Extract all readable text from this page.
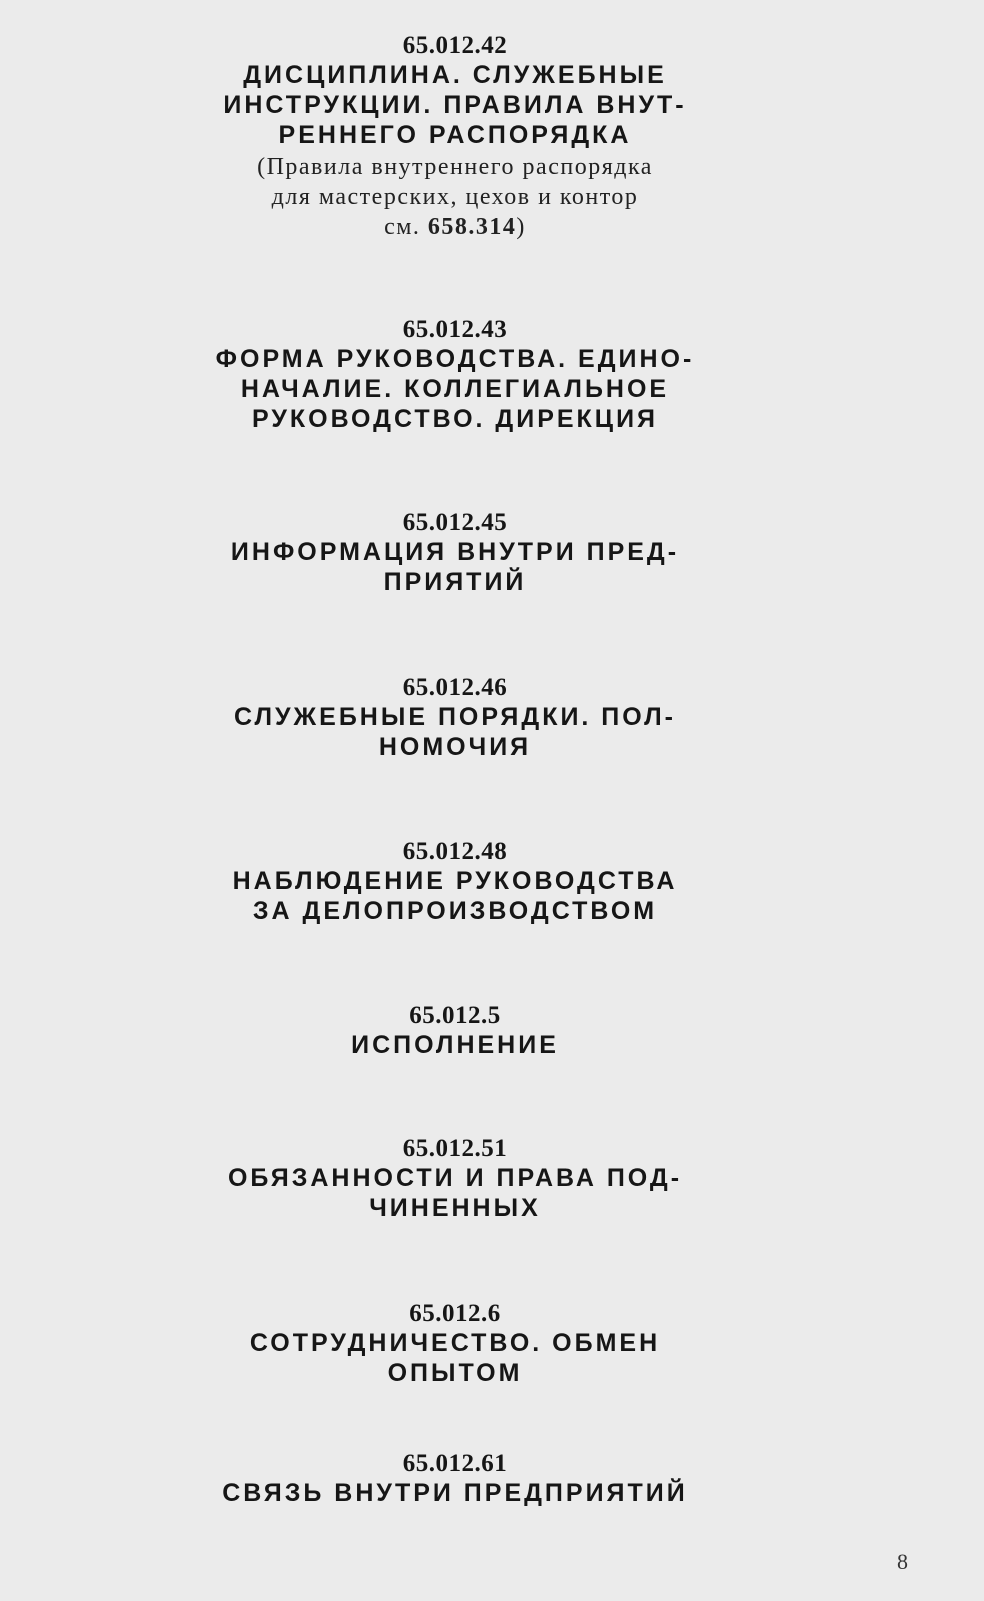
65.012.42

ДИСЦИПЛИНА. СЛУЖЕБНЫЕ
ИНСТРУКЦИИ. ПРАВИЛА ВНУТ-
РЕННЕГО РАСПОРЯДКА

(Правила внутреннего распорядка
для мастерских, цехов и контор
см. 658.314)

65.012.43

ФОРМА РУКОВОДСТВА. ЕДИНО-
НАЧАЛИЕ. КОЛЛЕГИАЛЬНОЕ
РУКОВОДСТВО. ДИРЕКЦИЯ

65.012.45

ИНФОРМАЦИЯ ВНУТРИ ПРЕД-
ПРИЯТИЙ

65.012.46

СЛУЖЕБНЫЕ ПОРЯДКИ. ПОЛ-
НОМОЧИЯ

65.012.48

НАБЛЮДЕНИЕ РУКОВОДСТВА
ЗА ДЕЛОПРОИЗВОДСТВОМ

65.012.5

ИСПОЛНЕНИЕ

65.012.51

ОБЯЗАННОСТИ И ПРАВА ПОД-
ЧИНЕННЫХ

65.012.6

СОТРУДНИЧЕСТВО. ОБМЕН
ОПЫТОМ

65.012.61

СВЯЗЬ ВНУТРИ ПРЕДПРИЯТИЙ

8
